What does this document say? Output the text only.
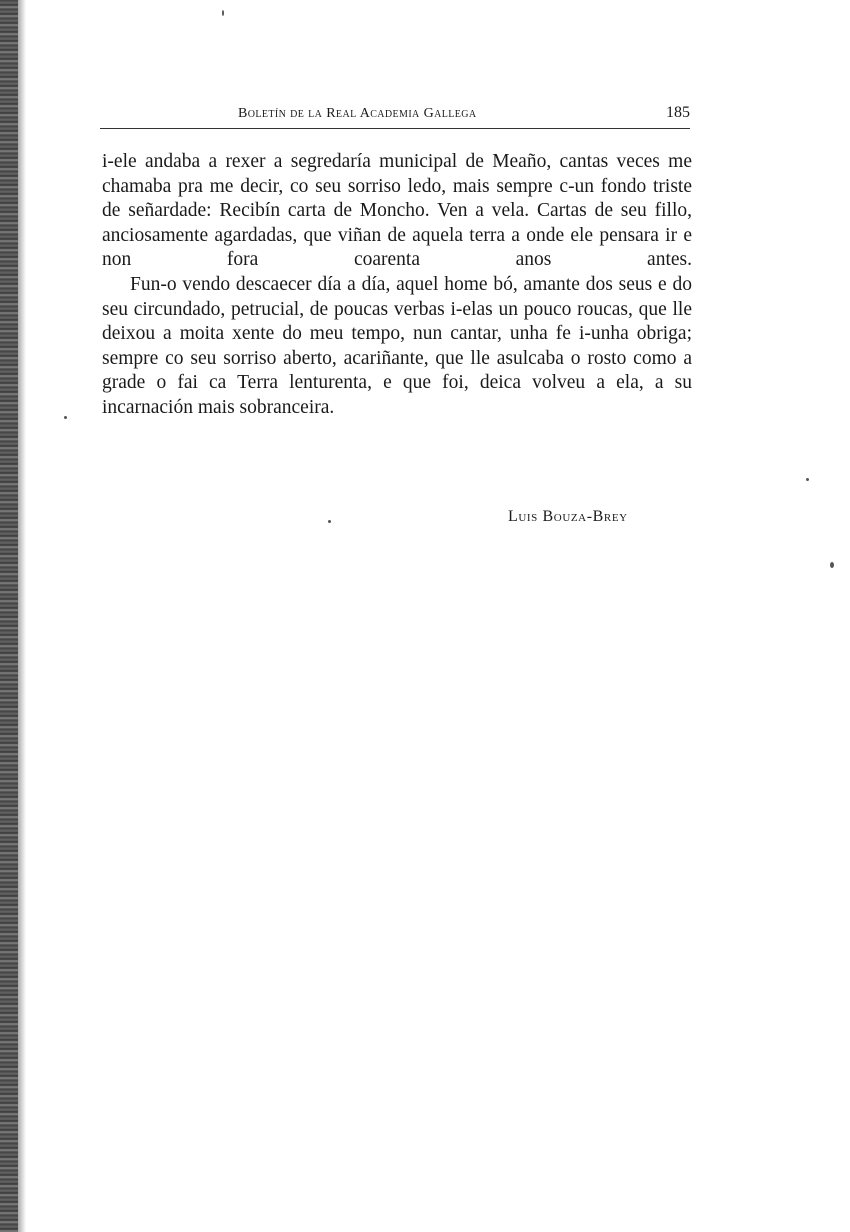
Boletín de la Real Academia Gallega	185

i-ele andaba a rexer a segredaría municipal de Meaño, cantas veces me chamaba pra me decir, co seu sorriso ledo, mais sempre c-un fondo triste de señardade: Recibín carta de Moncho. Ven a vela. Cartas de seu fillo, anciosamente agardadas, que viñan de aquela terra a onde ele pensara ir e non fora coarenta anos antes.

Fun-o vendo descaecer día a día, aquel home bó, amante dos seus e do seu circundado, petrucial, de poucas verbas i-elas un pouco roucas, que lle deixou a moita xente do meu tempo, nun cantar, unha fe i-unha obriga; sempre co seu sorriso aberto, acariñante, que lle asulcaba o rosto como a grade o fai ca Terra lenturenta, e que foi, deica volveu a ela, a su incarnación mais sobranceira.

Luis Bouza-Brey
